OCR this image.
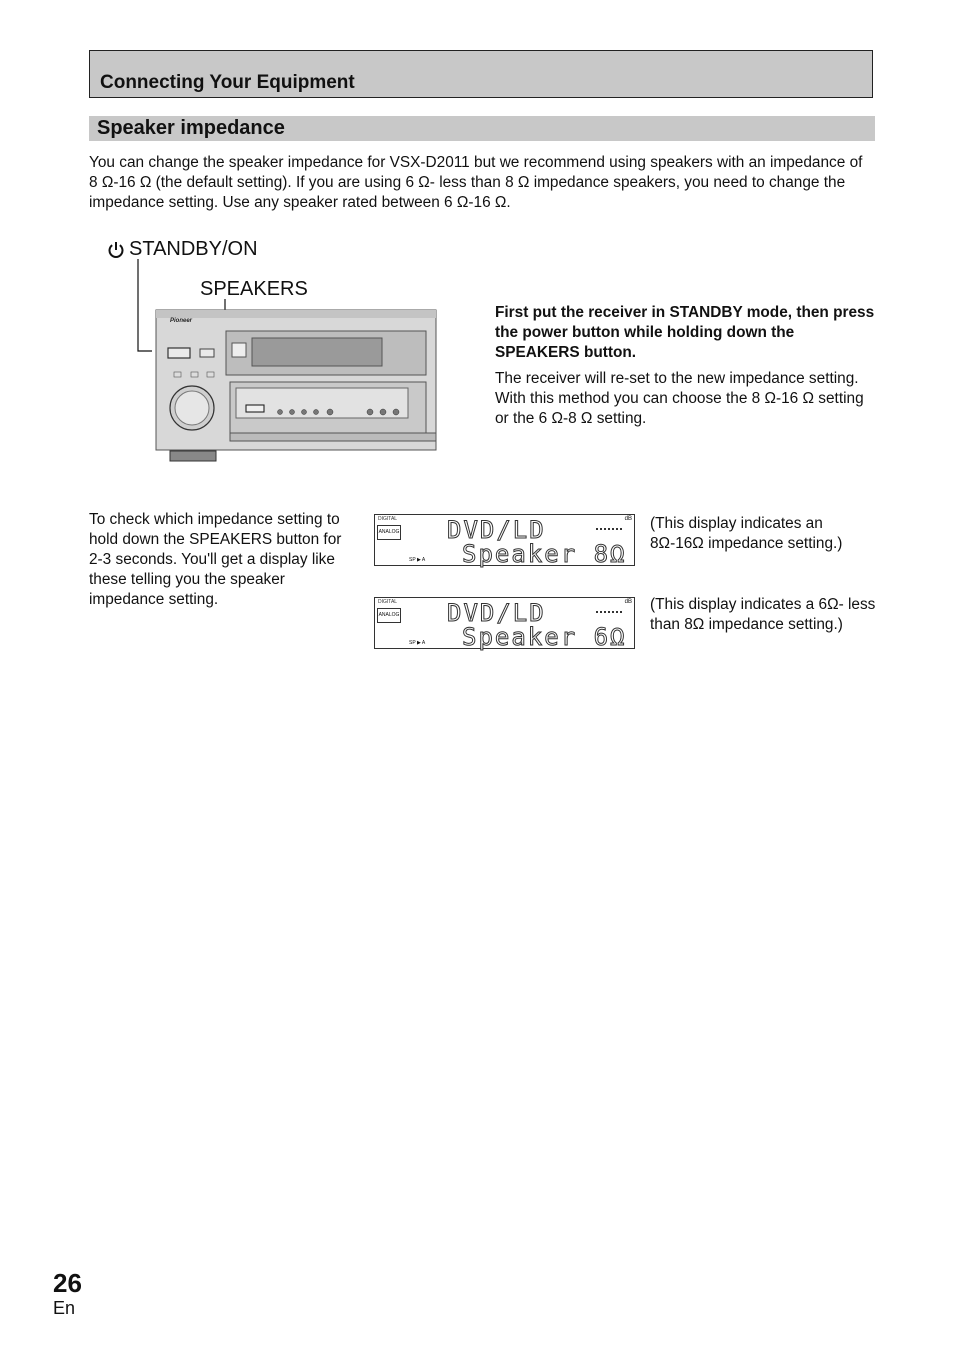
Connecting Your Equipment
Speaker impedance
You can change the speaker impedance for VSX-D2011 but we recommend using speakers with an impedance of 8 Ω-16 Ω (the default setting). If you are using 6 Ω- less than 8 Ω impedance speakers, you need to change the impedance setting. Use any speaker rated between 6 Ω-16 Ω.
STANDBY/ON
SPEAKERS
Pioneer	First put the receiver in STANDBY mode, then press the power button while holding down the SPEAKERS button.
The receiver will re-set to the new impedance setting. With this method you can choose the 8 Ω-16 Ω setting or the 6 Ω-8 Ω setting.
To check which impedance setting to hold down the SPEAKERS button for 2-3 seconds. You'll get a display like these telling you the speaker impedance setting.
DIGITAL
ANALOG DVD/LD
Speaker 8Ω
dB
SP ▶ A
(This display indicates an 8Ω-16Ω impedance setting.)
DIGITAL
ANALOG DVD/LD
Speaker 6Ω
dB
SP ▶ A
(This display indicates a 6Ω- less than 8Ω impedance setting.)
26
En
